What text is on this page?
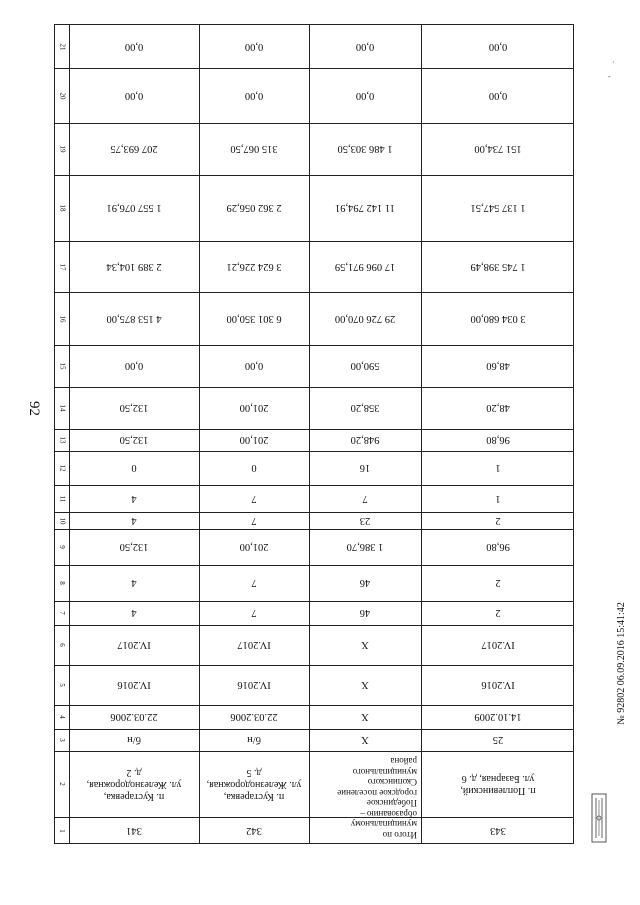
92
21
20
19
18
17
16
15
14
13
12
11
10
9
8
7
6
5
4
3
2
1
0,00
0,00
207 693,75
1 557 076,91
2 389 104,34
4 153 875,00
0,00
132,50
132,50
0
4
4
132,50
4
4
IV.2017
IV.2016
22.03.2006
б/н
п. Кустаревка,
ул. Железнодорожная,
д. 2
341
0,00
0,00
315 067,50
2 362 056,29
3 624 226,21
6 301 350,00
0,00
201,00
201,00
0
7
7
201,00
7
7
IV.2017
IV.2016
22.03.2006
б/н
п. Кустаревка,
ул. Железнодорожная,
д. 5
342
0,00
0,00
1 486 303,50
11 142 794,91
17 096 971,59
29 726 070,00
590,00
358,20
948,20
16
7
23
1 386,70
46
46
X
X
X
X
Итого по
муниципальному
образованию –
Побединское
городское поселение
Скопинского
муниципального
района
0,00
0,00
151 734,00
1 137 547,51
1 745 398,49
3 034 680,00
48,60
48,20
96,80
1
1
2
96,80
2
2
IV.2017
IV.2016
14.10.2009
25
п. Поплевинский,
ул. Базарная, д. 6
343
№ 92802 06.09.2016 15:41:42
·
-
